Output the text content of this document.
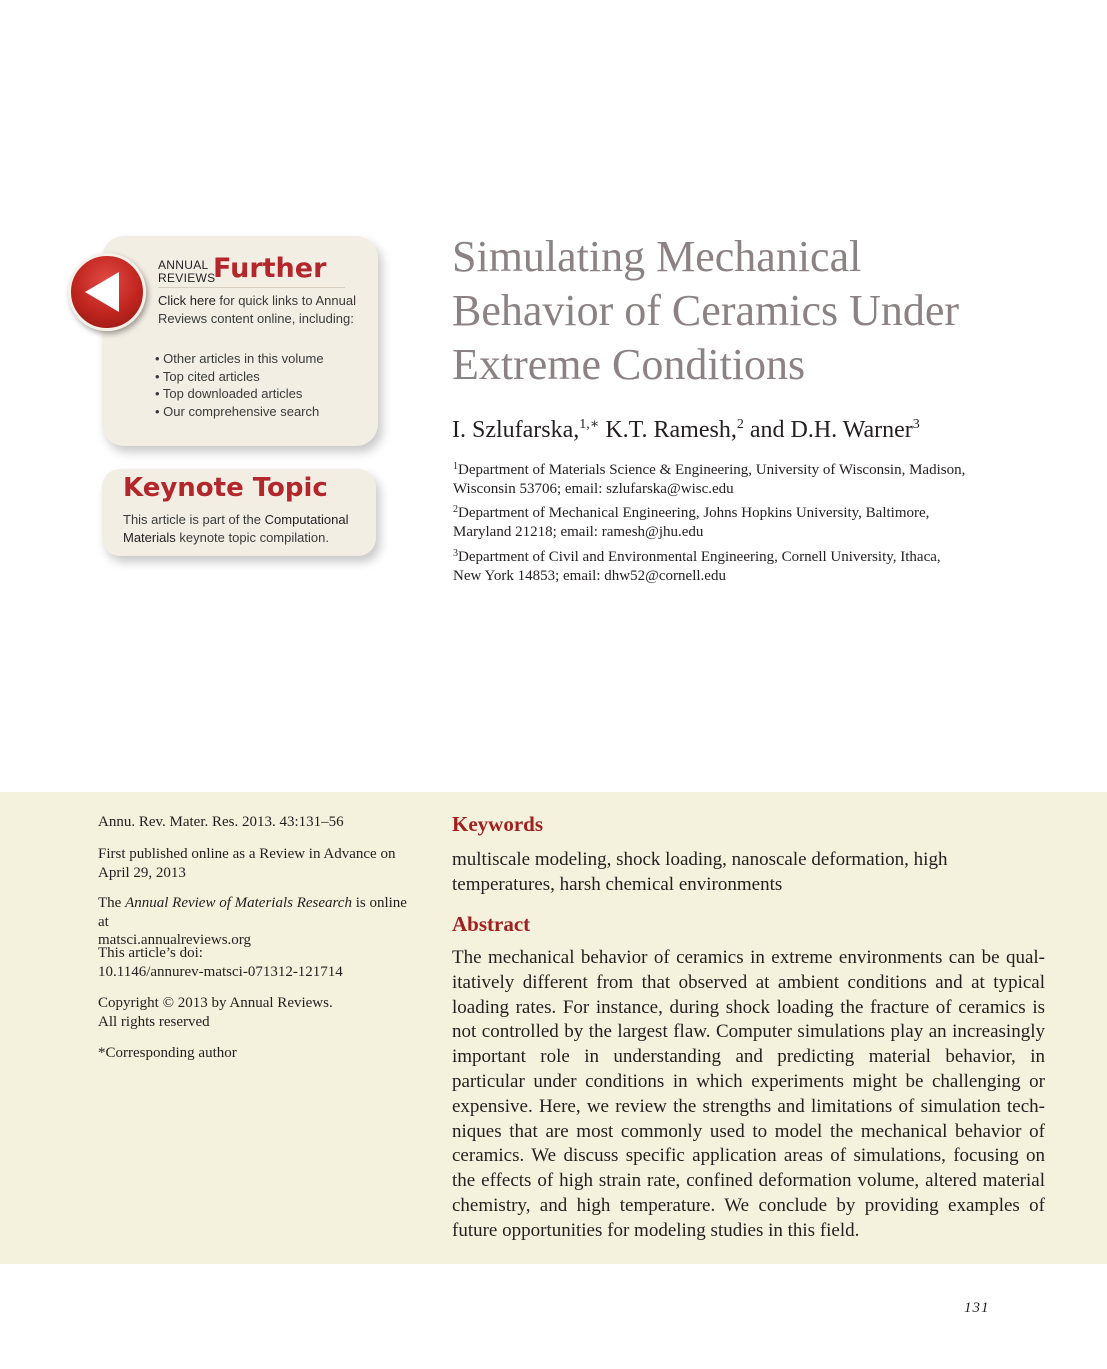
ANNUAL
REVIEWS
Further
Click here for quick links to Annual Reviews content online, including:
• Other articles in this volume
• Top cited articles
• Top downloaded articles
• Our comprehensive search
Keynote Topic
This article is part of the Computational Materials keynote topic compilation.
Simulating Mechanical
Behavior of Ceramics Under
Extreme Conditions
I. Szlufarska,$^{1,∗}$ K.T. Ramesh,$^2$ and D.H. Warner$^3$
$^1$Department of Materials Science & Engineering, University of Wisconsin, Madison,
Wisconsin 53706; email: szlufarska@wisc.edu
$^2$Department of Mechanical Engineering, Johns Hopkins University, Baltimore,
Maryland 21218; email: ramesh@jhu.edu
$^3$Department of Civil and Environmental Engineering, Cornell University, Ithaca,
New York 14853; email: dhw52@cornell.edu
Annu. Rev. Mater. Res. 2013. 43:131–56
First published online as a Review in Advance on
April 29, 2013
The Annual Review of Materials Research is online at
matsci.annualreviews.org
This article’s doi:
10.1146/annurev-matsci-071312-121714
Copyright © 2013 by Annual Reviews.
All rights reserved
*Corresponding author
Keywords
multiscale modeling, shock loading, nanoscale deformation, high temperatures, harsh chemical environments
Abstract
The mechanical behavior of ceramics in extreme environments can be qualitatively different from that observed at ambient conditions and at typical loading rates. For instance, during shock loading the fracture of ceramics is not controlled by the largest flaw. Computer simulations play an increasingly important role in understanding and predicting material behavior, in particular under conditions in which experiments might be challenging or expensive. Here, we review the strengths and limitations of simulation techniques that are most commonly used to model the mechanical behavior of ceramics. We discuss specific application areas of simulations, focusing on the effects of high strain rate, confined deformation volume, altered material chemistry, and high temperature. We conclude by providing examples of future opportunities for modeling studies in this field.
131
